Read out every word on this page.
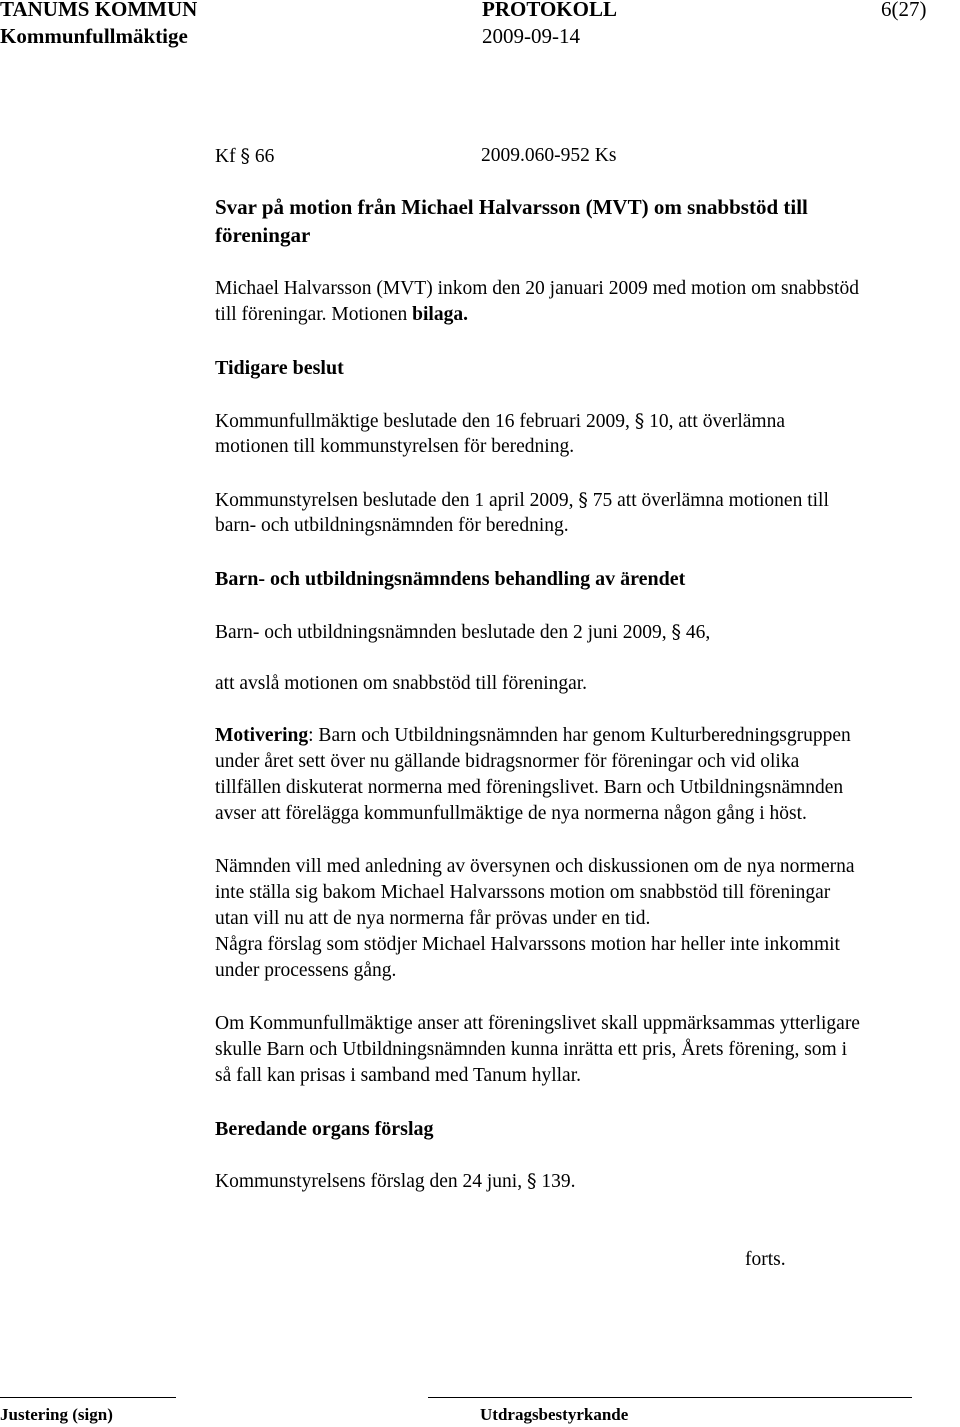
TANUMS KOMMUN	PROTOKOLL	6(27)
Kommunfullmäktige	2009-09-14
Kf § 66	2009.060-952 Ks
Svar på motion från Michael Halvarsson (MVT) om snabbstöd till
föreningar
Michael Halvarsson (MVT) inkom den 20 januari 2009 med motion om snabbstöd
till föreningar. Motionen bilaga.
Tidigare beslut
Kommunfullmäktige beslutade den 16 februari 2009, § 10, att överlämna
motionen till kommunstyrelsen för beredning.
Kommunstyrelsen beslutade den 1 april 2009, § 75 att överlämna motionen till
barn- och utbildningsnämnden för beredning.
Barn- och utbildningsnämndens behandling av ärendet
Barn- och utbildningsnämnden beslutade den 2 juni 2009, § 46,
att avslå motionen om snabbstöd till föreningar.
Motivering: Barn och Utbildningsnämnden har genom Kulturberedningsgruppen
under året sett över nu gällande bidragsnormer för föreningar och vid olika
tillfällen diskuterat normerna med föreningslivet. Barn och Utbildningsnämnden
avser att förelägga kommunfullmäktige de nya normerna någon gång i höst.
Nämnden vill med anledning av översynen och diskussionen om de nya normerna
inte ställa sig bakom Michael Halvarssons motion om snabbstöd till föreningar
utan vill nu att de nya normerna får prövas under en tid.
Några förslag som stödjer Michael Halvarssons motion har heller inte inkommit
under processens gång.
Om Kommunfullmäktige anser att föreningslivet skall uppmärksammas ytterligare
skulle Barn och Utbildningsnämnden kunna inrätta ett pris, Årets förening, som i
så fall kan prisas i samband med Tanum hyllar.
Beredande organs förslag
Kommunstyrelsens förslag den 24 juni, § 139.
forts.
Justering (sign)	Utdragsbestyrkande
